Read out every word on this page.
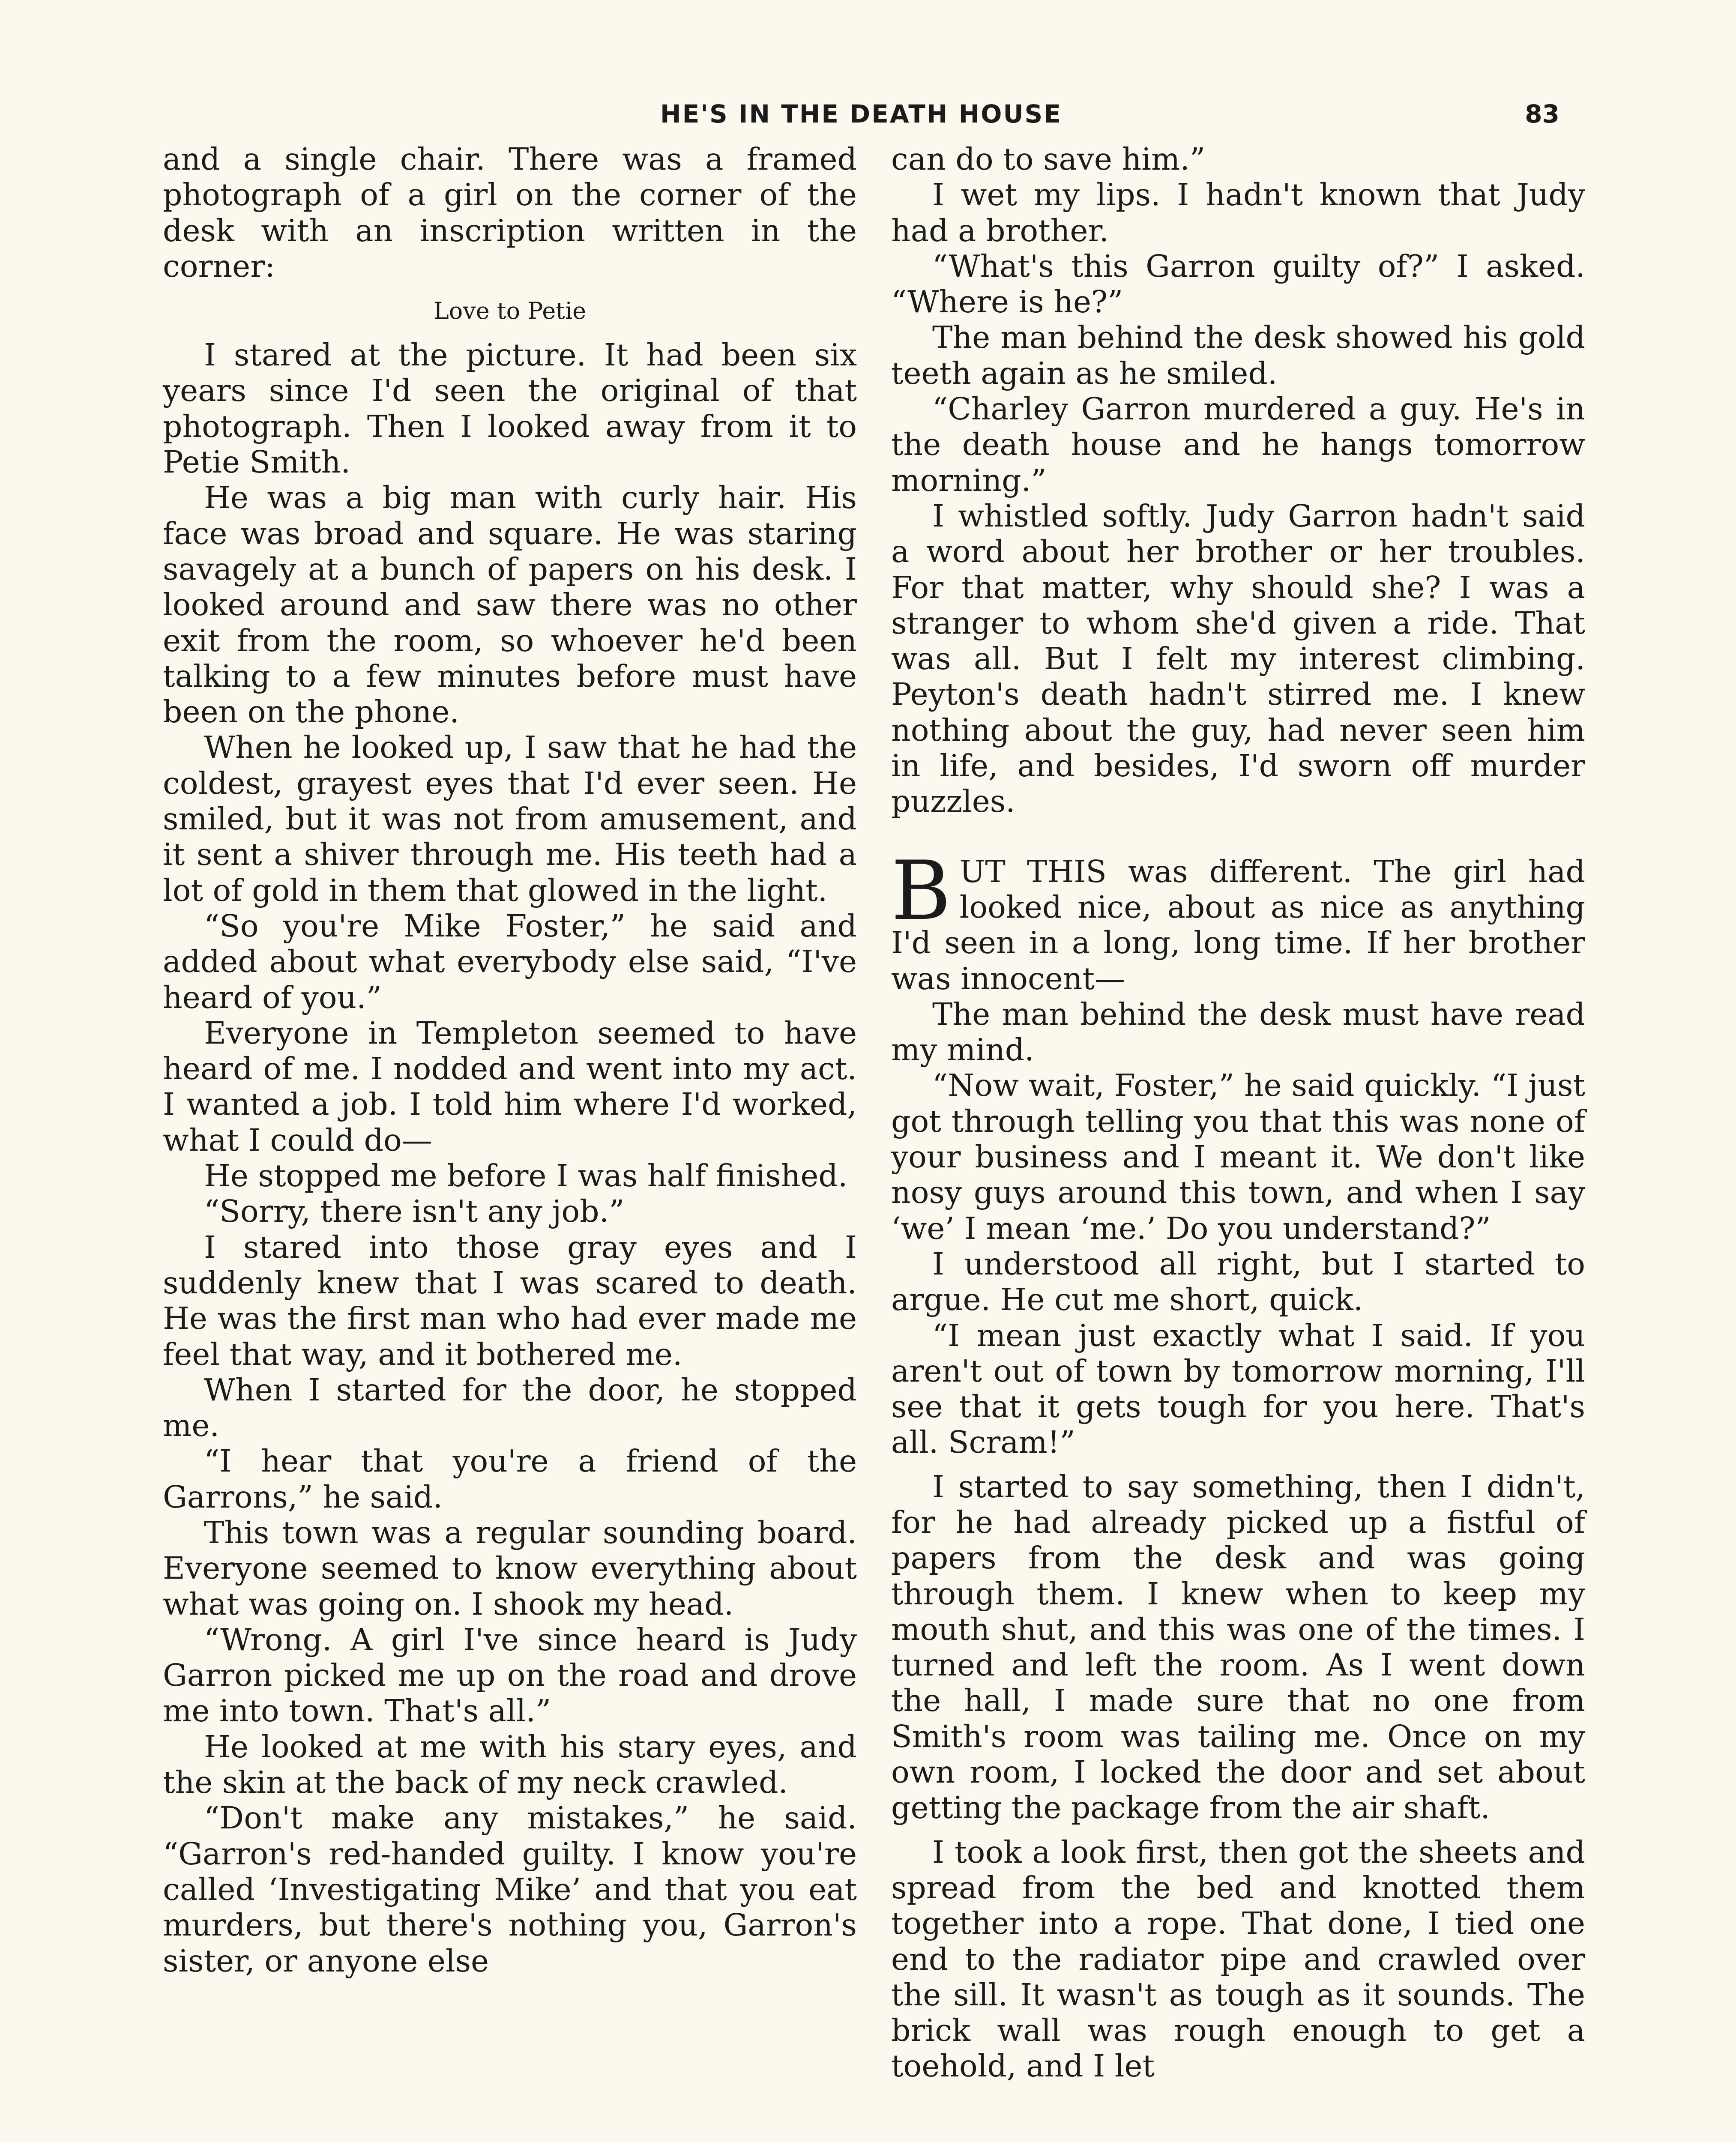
HE'S IN THE DEATH HOUSE	83

and a single chair. There was a framed photograph of a girl on the corner of the desk with an inscription written in the corner:

Love to Petie

I stared at the picture. It had been six years since I'd seen the original of that photograph. Then I looked away from it to Petie Smith.

He was a big man with curly hair. His face was broad and square. He was staring savagely at a bunch of papers on his desk. I looked around and saw there was no other exit from the room, so whoever he'd been talking to a few minutes before must have been on the phone.

When he looked up, I saw that he had the coldest, grayest eyes that I'd ever seen. He smiled, but it was not from amusement, and it sent a shiver through me. His teeth had a lot of gold in them that glowed in the light.

“So you're Mike Foster,” he said and added about what everybody else said, “I've heard of you.”

Everyone in Templeton seemed to have heard of me. I nodded and went into my act. I wanted a job. I told him where I'd worked, what I could do—

He stopped me before I was half finished.

“Sorry, there isn't any job.”

I stared into those gray eyes and I suddenly knew that I was scared to death. He was the first man who had ever made me feel that way, and it bothered me.

When I started for the door, he stopped me.

“I hear that you're a friend of the Garrons,” he said.

This town was a regular sounding board. Everyone seemed to know everything about what was going on. I shook my head.

“Wrong. A girl I've since heard is Judy Garron picked me up on the road and drove me into town. That's all.”

He looked at me with his stary eyes, and the skin at the back of my neck crawled.

“Don't make any mistakes,” he said. “Garron's red-handed guilty. I know you're called ‘Investigating Mike’ and that you eat murders, but there's nothing you, Garron's sister, or anyone else

can do to save him.”

I wet my lips. I hadn't known that Judy had a brother.

“What's this Garron guilty of?” I asked. “Where is he?”

The man behind the desk showed his gold teeth again as he smiled.

“Charley Garron murdered a guy. He's in the death house and he hangs tomorrow morning.”

I whistled softly. Judy Garron hadn't said a word about her brother or her troubles. For that matter, why should she? I was a stranger to whom she'd given a ride. That was all. But I felt my interest climbing. Peyton's death hadn't stirred me. I knew nothing about the guy, had never seen him in life, and besides, I'd sworn off murder puzzles.

BUT THIS was different. The girl had looked nice, about as nice as anything I'd seen in a long, long time. If her brother was innocent—

The man behind the desk must have read my mind.

“Now wait, Foster,” he said quickly. “I just got through telling you that this was none of your business and I meant it. We don't like nosy guys around this town, and when I say ‘we’ I mean ‘me.’ Do you understand?”

I understood all right, but I started to argue. He cut me short, quick.

“I mean just exactly what I said. If you aren't out of town by tomorrow morning, I'll see that it gets tough for you here. That's all. Scram!”

I started to say something, then I didn't, for he had already picked up a fistful of papers from the desk and was going through them. I knew when to keep my mouth shut, and this was one of the times. I turned and left the room. As I went down the hall, I made sure that no one from Smith's room was tailing me. Once on my own room, I locked the door and set about getting the package from the air shaft.

I took a look first, then got the sheets and spread from the bed and knotted them together into a rope. That done, I tied one end to the radiator pipe and crawled over the sill. It wasn't as tough as it sounds. The brick wall was rough enough to get a toehold, and I let
